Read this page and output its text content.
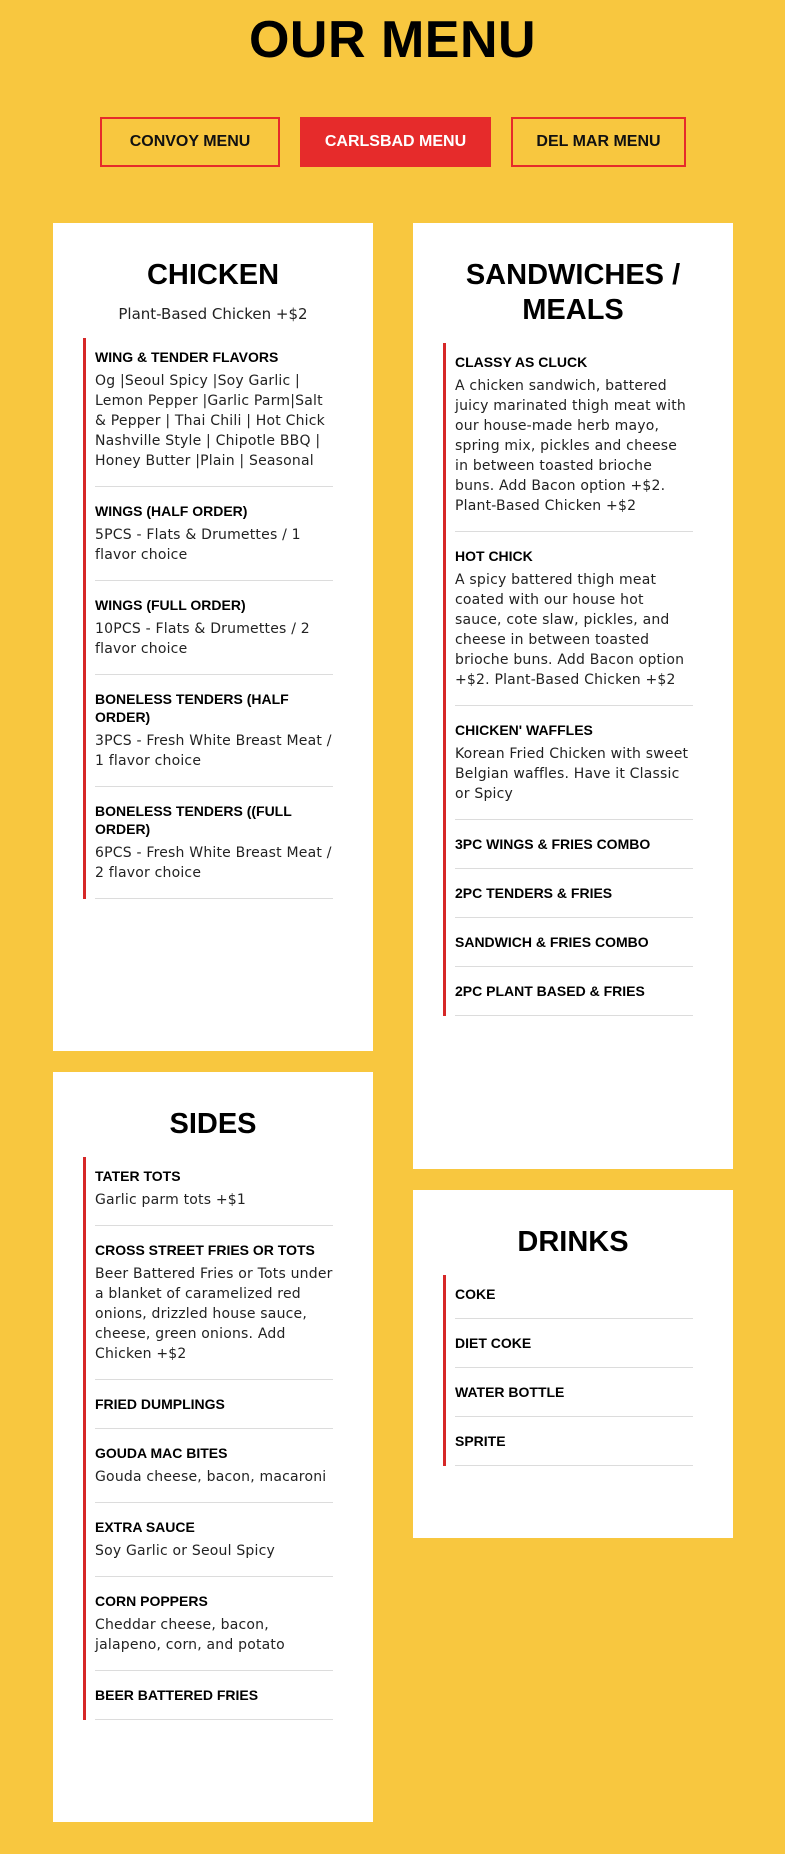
OUR MENU
CONVOY MENU	CARLSBAD MENU	DEL MAR MENU
CHICKEN
Plant-Based Chicken +$2
WING & TENDER FLAVORS
Og |Seoul Spicy |Soy Garlic | Lemon Pepper |Garlic Parm|Salt & Pepper | Thai Chili | Hot Chick Nashville Style | Chipotle BBQ | Honey Butter |Plain | Seasonal
WINGS (HALF ORDER)
5PCS - Flats & Drumettes / 1 flavor choice
WINGS (FULL ORDER)
10PCS - Flats & Drumettes / 2 flavor choice
BONELESS TENDERS (HALF ORDER)
3PCS - Fresh White Breast Meat / 1 flavor choice
BONELESS TENDERS ((FULL ORDER)
6PCS - Fresh White Breast Meat / 2 flavor choice
SANDWICHES / MEALS
CLASSY AS CLUCK
A chicken sandwich, battered juicy marinated thigh meat with our house-made herb mayo, spring mix, pickles and cheese in between toasted brioche buns. Add Bacon option +$2. Plant-Based Chicken +$2
HOT CHICK
A spicy battered thigh meat coated with our house hot sauce, cote slaw, pickles, and cheese in between toasted brioche buns. Add Bacon option +$2. Plant-Based Chicken +$2
CHICKEN' WAFFLES
Korean Fried Chicken with sweet Belgian waffles. Have it Classic or Spicy
3PC WINGS & FRIES COMBO
2PC TENDERS & FRIES
SANDWICH & FRIES COMBO
2PC PLANT BASED & FRIES
SIDES
TATER TOTS
Garlic parm tots +$1
CROSS STREET FRIES OR TOTS
Beer Battered Fries or Tots under a blanket of caramelized red onions, drizzled house sauce, cheese, green onions. Add Chicken +$2
FRIED DUMPLINGS
GOUDA MAC BITES
Gouda cheese, bacon, macaroni
EXTRA SAUCE
Soy Garlic or Seoul Spicy
CORN POPPERS
Cheddar cheese, bacon, jalapeno, corn, and potato
BEER BATTERED FRIES
DRINKS
COKE
DIET COKE
WATER BOTTLE
SPRITE
